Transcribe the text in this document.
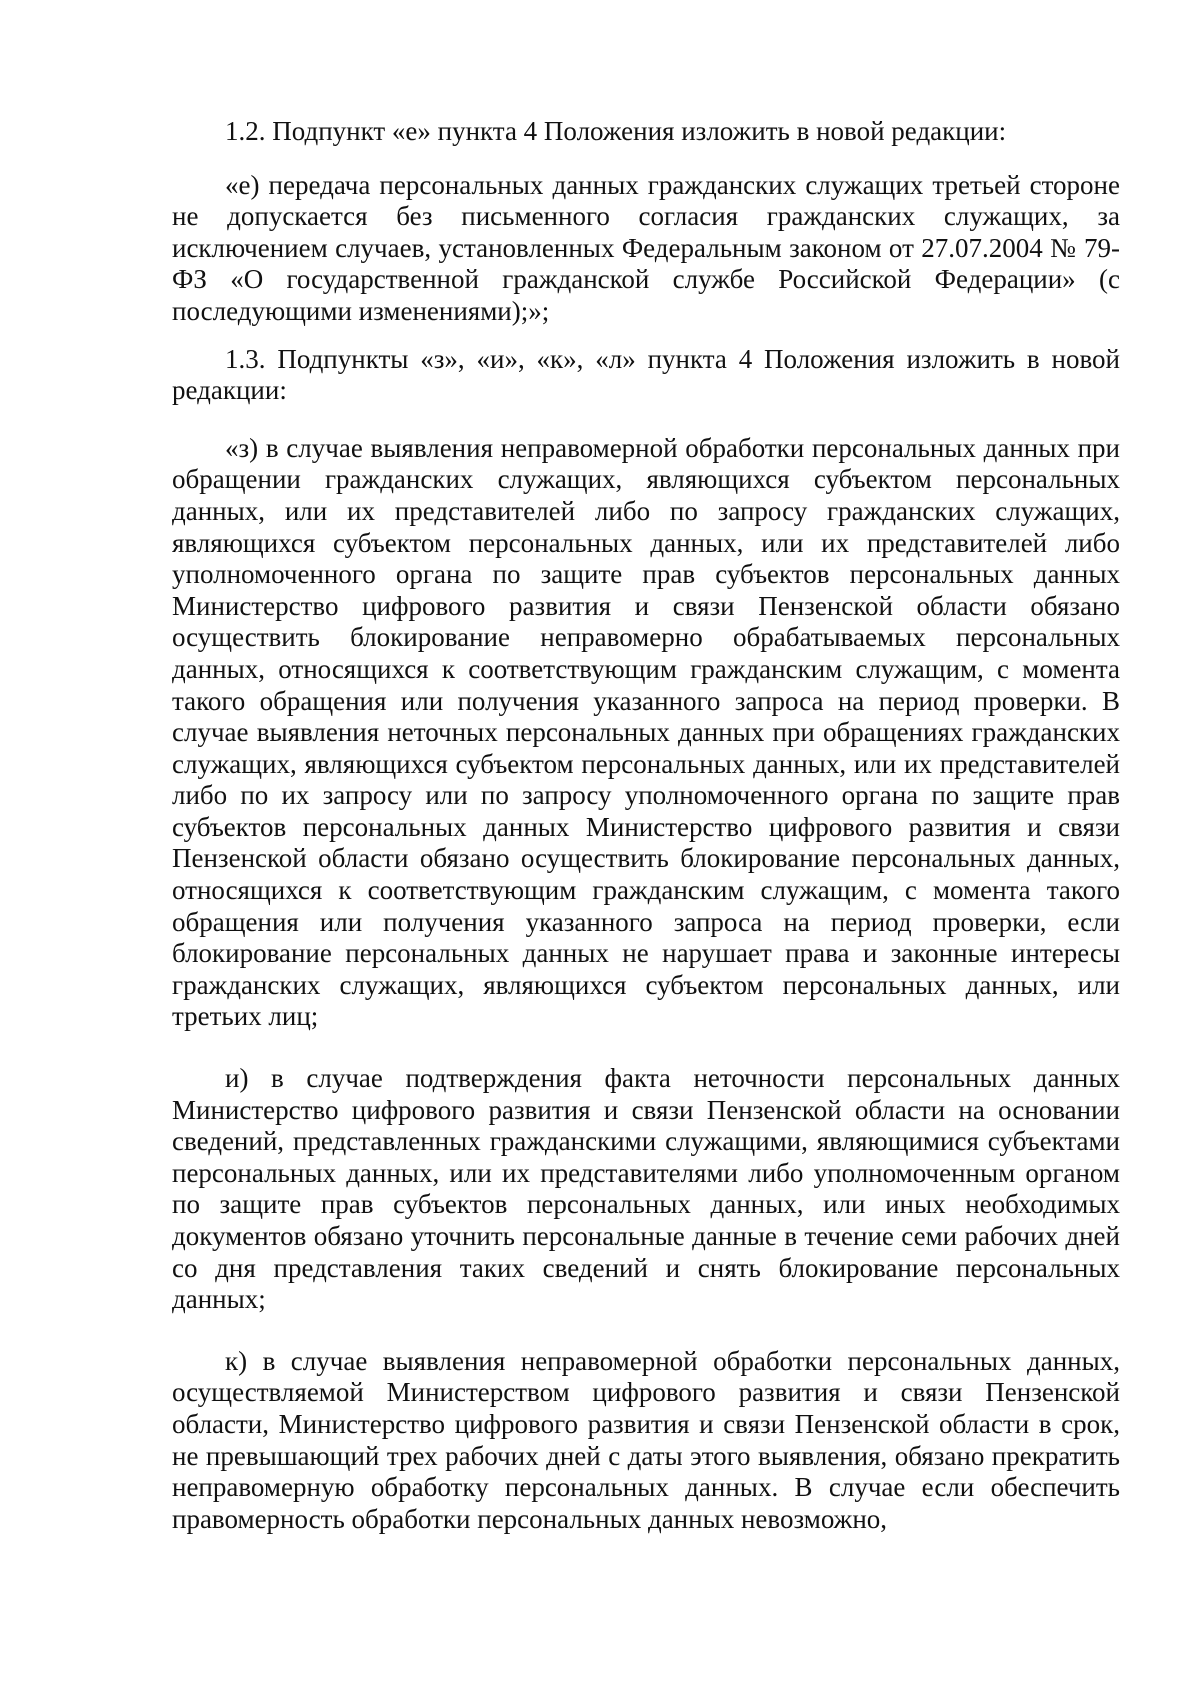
1.2. Подпункт «е» пункта 4 Положения изложить в новой редакции:

«е) передача персональных данных гражданских служащих третьей стороне не допускается без письменного согласия гражданских служащих, за исключением случаев, установленных Федеральным законом от 27.07.2004 № 79-ФЗ «О государственной гражданской службе Российской Федерации» (с последующими изменениями);»;

1.3. Подпункты «з», «и», «к», «л» пункта 4 Положения изложить в новой редакции:

«з) в случае выявления неправомерной обработки персональных данных при обращении гражданских служащих, являющихся субъектом персональных данных, или их представителей либо по запросу гражданских служащих, являющихся субъектом персональных данных, или их представителей либо уполномоченного органа по защите прав субъектов персональных данных Министерство цифрового развития и связи Пензенской области обязано осуществить блокирование неправомерно обрабатываемых персональных данных, относящихся к соответствующим гражданским служащим, с момента такого обращения или получения указанного запроса на период проверки. В случае выявления неточных персональных данных при обращениях гражданских служащих, являющихся субъектом персональных данных, или их представителей либо по их запросу или по запросу уполномоченного органа по защите прав субъектов персональных данных Министерство цифрового развития и связи Пензенской области обязано осуществить блокирование персональных данных, относящихся к соответствующим гражданским служащим, с момента такого обращения или получения указанного запроса на период проверки, если блокирование персональных данных не нарушает права и законные интересы гражданских служащих, являющихся субъектом персональных данных, или третьих лиц;

и) в случае подтверждения факта неточности персональных данных Министерство цифрового развития и связи Пензенской области на основании сведений, представленных гражданскими служащими, являющимися субъектами персональных данных, или их представителями либо уполномоченным органом по защите прав субъектов персональных данных, или иных необходимых документов обязано уточнить персональные данные в течение семи рабочих дней со дня представления таких сведений и снять блокирование персональных данных;

к) в случае выявления неправомерной обработки персональных данных, осуществляемой Министерством цифрового развития и связи Пензенской области, Министерство цифрового развития и связи Пензенской области в срок, не превышающий трех рабочих дней с даты этого выявления, обязано прекратить неправомерную обработку персональных данных. В случае если обеспечить правомерность обработки персональных данных невозможно,
